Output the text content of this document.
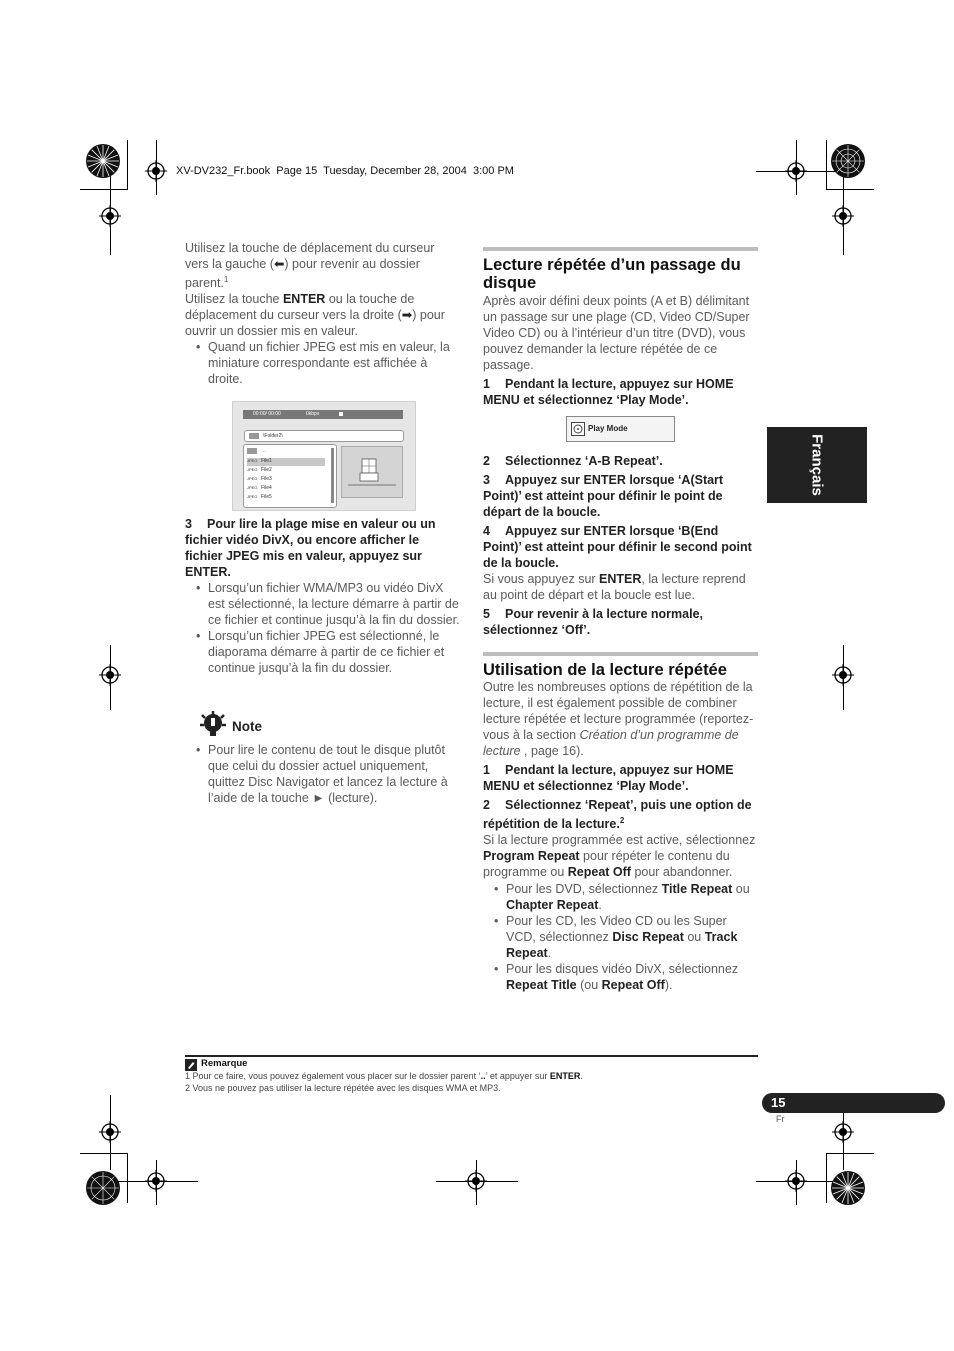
XV-DV232_Fr.book  Page 15  Tuesday, December 28, 2004  3:00 PM
Français

Utilisez la touche de déplacement du curseur vers la gauche (⬅) pour revenir au dossier parent.$^1$

Utilisez la touche ENTER ou la touche de déplacement du curseur vers la droite (➡) pour ouvrir un dossier mis en valeur.

• Quand un fichier JPEG est mis en valeur, la miniature correspondante est affichée à droite.
00:00/ 00:00	0kbps
\Folder2\
..
JPEG File1
JPEG File2
JPEG File3
JPEG File4
JPEG File5
3 Pour lire la plage mise en valeur ou un fichier vidéo DivX, ou encore afficher le fichier JPEG mis en valeur, appuyez sur ENTER.
• Lorsqu’un fichier WMA/MP3 ou vidéo DivX est sélectionné, la lecture démarre à partir de ce fichier et continue jusqu’à la fin du dossier.
• Lorsqu’un fichier JPEG est sélectionné, le diaporama démarre à partir de ce fichier et continue jusqu’à la fin du dossier.
Note
• Pour lire le contenu de tout le disque plutôt que celui du dossier actuel uniquement, quittez Disc Navigator et lancez la lecture à l’aide de la touche ► (lecture).
Lecture répétée d’un passage du disque

Après avoir défini deux points (A et B) délimitant un passage sur une plage (CD, Video CD/Super Video CD) ou à l’intérieur d’un titre (DVD), vous pouvez demander la lecture répétée de ce passage.

1 Pendant la lecture, appuyez sur HOME MENU et sélectionnez ‘Play Mode’.
Play Mode
2 Sélectionnez ‘A-B Repeat’.
3 Appuyez sur ENTER lorsque ‘A(Start Point)’ est atteint pour définir le point de départ de la boucle.
4 Appuyez sur ENTER lorsque ‘B(End Point)’ est atteint pour définir le second point de la boucle.

Si vous appuyez sur ENTER, la lecture reprend au point de départ et la boucle est lue.

5 Pour revenir à la lecture normale, sélectionnez ‘Off’.
Utilisation de la lecture répétée

Outre les nombreuses options de répétition de la lecture, il est également possible de combiner lecture répétée et lecture programmée (reportez-vous à la section Création d’un programme de lecture , page 16).

1 Pendant la lecture, appuyez sur HOME MENU et sélectionnez ‘Play Mode’.
2 Sélectionnez ‘Repeat’, puis une option de répétition de la lecture.$^2$

Si la lecture programmée est active, sélectionnez Program Repeat pour répéter le contenu du programme ou Repeat Off pour abandonner.

• Pour les DVD, sélectionnez Title Repeat ou Chapter Repeat.
• Pour les CD, les Video CD ou les Super VCD, sélectionnez Disc Repeat ou Track Repeat.
• Pour les disques vidéo DivX, sélectionnez Repeat Title (ou Repeat Off).
Remarque
1 Pour ce faire, vous pouvez également vous placer sur le dossier parent ‘..’ et appuyer sur ENTER.
2 Vous ne pouvez pas utiliser la lecture répétée avec les disques WMA et MP3.
15
Fr
